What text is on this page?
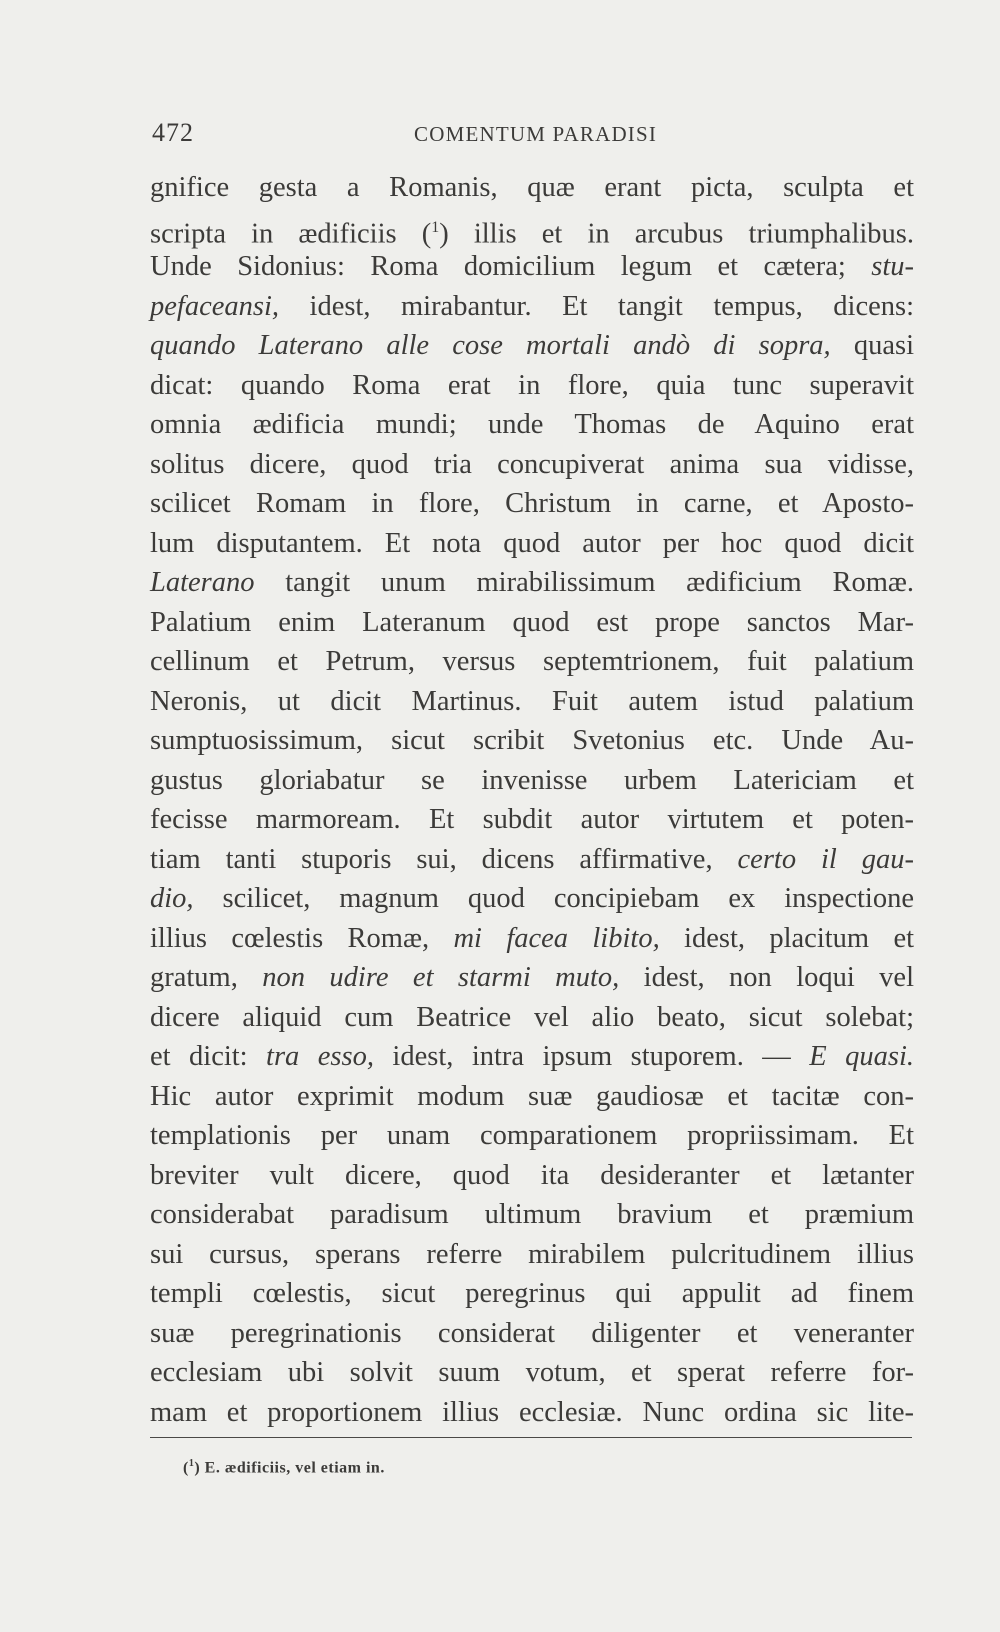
472	COMENTUM PARADISI
gnifice gesta a Romanis, quæ erant picta, sculpta et
scripta in ædificiis ($^1$) illis et in arcubus triumphalibus.
Unde Sidonius: Roma domicilium legum et cætera; stu-
pefaceansi, idest, mirabantur. Et tangit tempus, dicens:
quando Laterano alle cose mortali andò di sopra, quasi
dicat: quando Roma erat in flore, quia tunc superavit
omnia ædificia mundi; unde Thomas de Aquino erat
solitus dicere, quod tria concupiverat anima sua vidisse,
scilicet Romam in flore, Christum in carne, et Aposto-
lum disputantem. Et nota quod autor per hoc quod dicit
Laterano tangit unum mirabilissimum ædificium Romæ.
Palatium enim Lateranum quod est prope sanctos Mar-
cellinum et Petrum, versus septemtrionem, fuit palatium
Neronis, ut dicit Martinus. Fuit autem istud palatium
sumptuosissimum, sicut scribit Svetonius etc. Unde Au-
gustus gloriabatur se invenisse urbem Latericiam et
fecisse marmoream. Et subdit autor virtutem et poten-
tiam tanti stuporis sui, dicens affirmative, certo il gau-
dio, scilicet, magnum quod concipiebam ex inspectione
illius cœlestis Romæ, mi facea libito, idest, placitum et
gratum, non udire et starmi muto, idest, non loqui vel
dicere aliquid cum Beatrice vel alio beato, sicut solebat;
et dicit: tra esso, idest, intra ipsum stuporem. — E quasi.
Hic autor exprimit modum suæ gaudiosæ et tacitæ con-
templationis per unam comparationem propriissimam. Et
breviter vult dicere, quod ita desideranter et lætanter
considerabat paradisum ultimum bravium et præmium
sui cursus, sperans referre mirabilem pulcritudinem illius
templi cœlestis, sicut peregrinus qui appulit ad finem
suæ peregrinationis considerat diligenter et veneranter
ecclesiam ubi solvit suum votum, et sperat referre for-
mam et proportionem illius ecclesiæ. Nunc ordina sic lite-
($^1$) E. ædificiis, vel etiam in.
